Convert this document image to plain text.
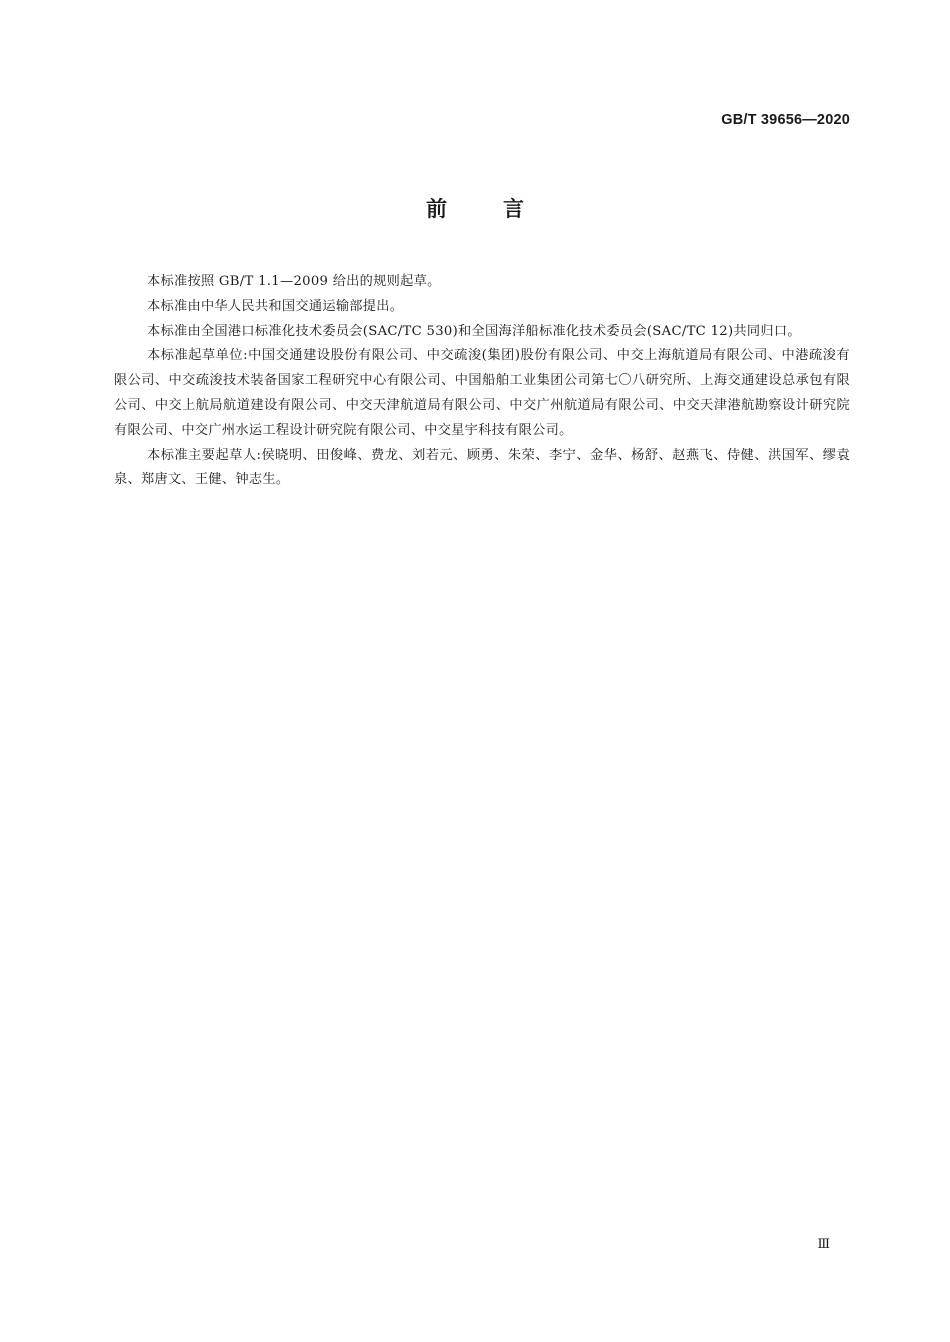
GB/T 39656—2020
前言

本标准按照 GB/T 1.1—2009 给出的规则起草。

本标准由中华人民共和国交通运输部提出。

本标准由全国港口标准化技术委员会(SAC/TC 530)和全国海洋船标准化技术委员会(SAC/TC 12)共同归口。

本标准起草单位:中国交通建设股份有限公司、中交疏浚(集团)股份有限公司、中交上海航道局有限公司、中港疏浚有限公司、中交疏浚技术装备国家工程研究中心有限公司、中国船舶工业集团公司第七〇八研究所、上海交通建设总承包有限公司、中交上航局航道建设有限公司、中交天津航道局有限公司、中交广州航道局有限公司、中交天津港航勘察设计研究院有限公司、中交广州水运工程设计研究院有限公司、中交星宇科技有限公司。

本标准主要起草人:侯晓明、田俊峰、费龙、刘若元、顾勇、朱荣、李宁、金华、杨舒、赵燕飞、侍健、洪国军、缪袁泉、郑唐文、王健、钟志生。

Ⅲ
